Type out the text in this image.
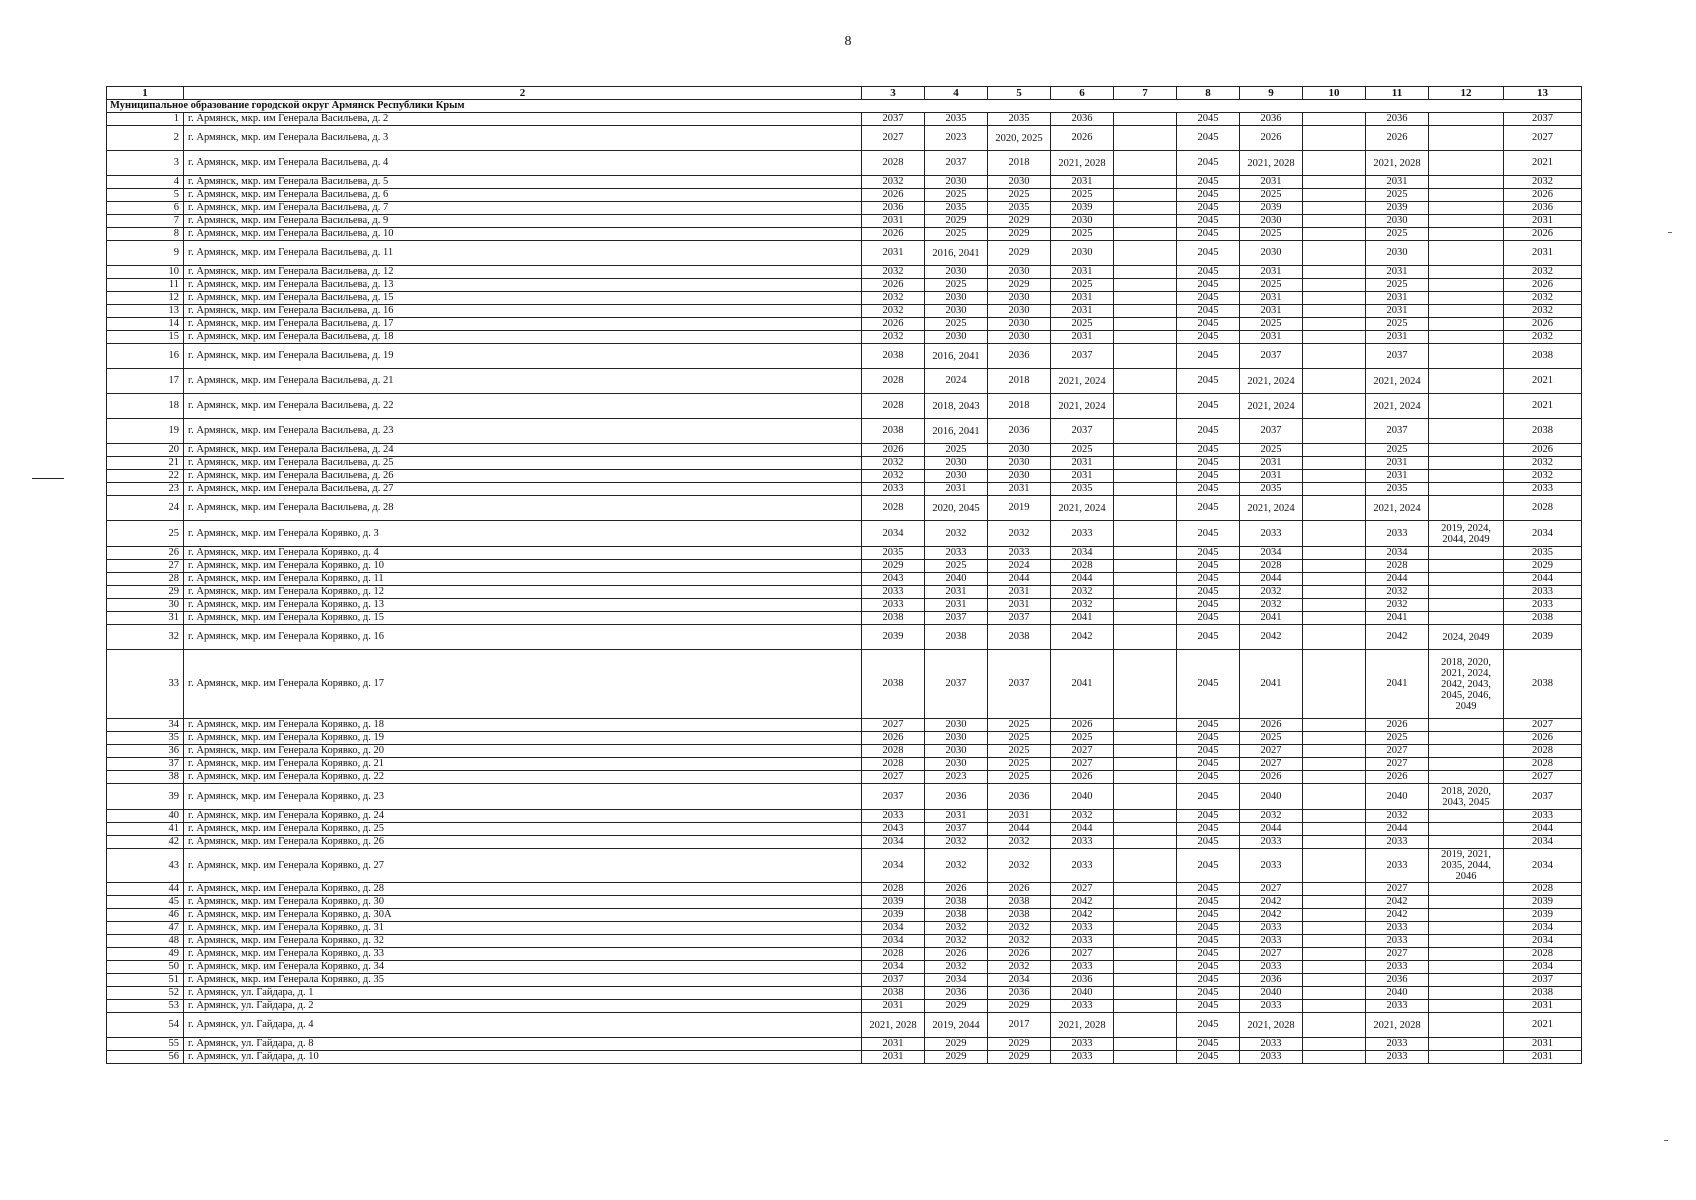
8
1	2	3	4	5	6	7	8	9	10	11	12	13
Муниципальное образование городской округ Армянск Республики Крым												
1	г. Армянск, мкр. им Генерала Васильева, д. 2	2037	2035	2035	2036		2045	2036		2036		2037
2	г. Армянск, мкр. им Генерала Васильева, д. 3	2027	2023	2020, 2025	2026		2045	2026		2026		2027
3	г. Армянск, мкр. им Генерала Васильева, д. 4	2028	2037	2018	2021, 2028		2045	2021, 2028		2021, 2028		2021
4	г. Армянск, мкр. им Генерала Васильева, д. 5	2032	2030	2030	2031		2045	2031		2031		2032
5	г. Армянск, мкр. им Генерала Васильева, д. 6	2026	2025	2025	2025		2045	2025		2025		2026
6	г. Армянск, мкр. им Генерала Васильева, д. 7	2036	2035	2035	2039		2045	2039		2039		2036
7	г. Армянск, мкр. им Генерала Васильева, д. 9	2031	2029	2029	2030		2045	2030		2030		2031
8	г. Армянск, мкр. им Генерала Васильева, д. 10	2026	2025	2029	2025		2045	2025		2025		2026
9	г. Армянск, мкр. им Генерала Васильева, д. 11	2031	2016, 2041	2029	2030		2045	2030		2030		2031
10	г. Армянск, мкр. им Генерала Васильева, д. 12	2032	2030	2030	2031		2045	2031		2031		2032
11	г. Армянск, мкр. им Генерала Васильева, д. 13	2026	2025	2029	2025		2045	2025		2025		2026
12	г. Армянск, мкр. им Генерала Васильева, д. 15	2032	2030	2030	2031		2045	2031		2031		2032
13	г. Армянск, мкр. им Генерала Васильева, д. 16	2032	2030	2030	2031		2045	2031		2031		2032
14	г. Армянск, мкр. им Генерала Васильева, д. 17	2026	2025	2030	2025		2045	2025		2025		2026
15	г. Армянск, мкр. им Генерала Васильева, д. 18	2032	2030	2030	2031		2045	2031		2031		2032
16	г. Армянск, мкр. им Генерала Васильева, д. 19	2038	2016, 2041	2036	2037		2045	2037		2037		2038
17	г. Армянск, мкр. им Генерала Васильева, д. 21	2028	2024	2018	2021, 2024		2045	2021, 2024		2021, 2024		2021
18	г. Армянск, мкр. им Генерала Васильева, д. 22	2028	2018, 2043	2018	2021, 2024		2045	2021, 2024		2021, 2024		2021
19	г. Армянск, мкр. им Генерала Васильева, д. 23	2038	2016, 2041	2036	2037		2045	2037		2037		2038
20	г. Армянск, мкр. им Генерала Васильева, д. 24	2026	2025	2030	2025		2045	2025		2025		2026
21	г. Армянск, мкр. им Генерала Васильева, д. 25	2032	2030	2030	2031		2045	2031		2031		2032
22	г. Армянск, мкр. им Генерала Васильева, д. 26	2032	2030	2030	2031		2045	2031		2031		2032
23	г. Армянск, мкр. им Генерала Васильева, д. 27	2033	2031	2031	2035		2045	2035		2035		2033
24	г. Армянск, мкр. им Генерала Васильева, д. 28	2028	2020, 2045	2019	2021, 2024		2045	2021, 2024		2021, 2024		2028
25	г. Армянск, мкр. им Генерала Корявко, д. 3	2034	2032	2032	2033		2045	2033		2033	2019, 2024, 2044, 2049	2034
26	г. Армянск, мкр. им Генерала Корявко, д. 4	2035	2033	2033	2034		2045	2034		2034		2035
27	г. Армянск, мкр. им Генерала Корявко, д. 10	2029	2025	2024	2028		2045	2028		2028		2029
28	г. Армянск, мкр. им Генерала Корявко, д. 11	2043	2040	2044	2044		2045	2044		2044		2044
29	г. Армянск, мкр. им Генерала Корявко, д. 12	2033	2031	2031	2032		2045	2032		2032		2033
30	г. Армянск, мкр. им Генерала Корявко, д. 13	2033	2031	2031	2032		2045	2032		2032		2033
31	г. Армянск, мкр. им Генерала Корявко, д. 15	2038	2037	2037	2041		2045	2041		2041		2038
32	г. Армянск, мкр. им Генерала Корявко, д. 16	2039	2038	2038	2042		2045	2042		2042	2024, 2049	2039
33	г. Армянск, мкр. им Генерала Корявко, д. 17	2038	2037	2037	2041		2045	2041		2041	2018, 2020, 2021, 2024, 2042, 2043, 2045, 2046, 2049	2038
34	г. Армянск, мкр. им Генерала Корявко, д. 18	2027	2030	2025	2026		2045	2026		2026		2027
35	г. Армянск, мкр. им Генерала Корявко, д. 19	2026	2030	2025	2025		2045	2025		2025		2026
36	г. Армянск, мкр. им Генерала Корявко, д. 20	2028	2030	2025	2027		2045	2027		2027		2028
37	г. Армянск, мкр. им Генерала Корявко, д. 21	2028	2030	2025	2027		2045	2027		2027		2028
38	г. Армянск, мкр. им Генерала Корявко, д. 22	2027	2023	2025	2026		2045	2026		2026		2027
39	г. Армянск, мкр. им Генерала Корявко, д. 23	2037	2036	2036	2040		2045	2040		2040	2018, 2020, 2043, 2045	2037
40	г. Армянск, мкр. им Генерала Корявко, д. 24	2033	2031	2031	2032		2045	2032		2032		2033
41	г. Армянск, мкр. им Генерала Корявко, д. 25	2043	2037	2044	2044		2045	2044		2044		2044
42	г. Армянск, мкр. им Генерала Корявко, д. 26	2034	2032	2032	2033		2045	2033		2033		2034
43	г. Армянск, мкр. им Генерала Корявко, д. 27	2034	2032	2032	2033		2045	2033		2033	2019, 2021, 2035, 2044, 2046	2034
44	г. Армянск, мкр. им Генерала Корявко, д. 28	2028	2026	2026	2027		2045	2027		2027		2028
45	г. Армянск, мкр. им Генерала Корявко, д. 30	2039	2038	2038	2042		2045	2042		2042		2039
46	г. Армянск, мкр. им Генерала Корявко, д. 30А	2039	2038	2038	2042		2045	2042		2042		2039
47	г. Армянск, мкр. им Генерала Корявко, д. 31	2034	2032	2032	2033		2045	2033		2033		2034
48	г. Армянск, мкр. им Генерала Корявко, д. 32	2034	2032	2032	2033		2045	2033		2033		2034
49	г. Армянск, мкр. им Генерала Корявко, д. 33	2028	2026	2026	2027		2045	2027		2027		2028
50	г. Армянск, мкр. им Генерала Корявко, д. 34	2034	2032	2032	2033		2045	2033		2033		2034
51	г. Армянск, мкр. им Генерала Корявко, д. 35	2037	2034	2034	2036		2045	2036		2036		2037
52	г. Армянск, ул. Гайдара, д. 1	2038	2036	2036	2040		2045	2040		2040		2038
53	г. Армянск, ул. Гайдара, д. 2	2031	2029	2029	2033		2045	2033		2033		2031
54	г. Армянск, ул. Гайдара, д. 4	2021, 2028	2019, 2044	2017	2021, 2028		2045	2021, 2028		2021, 2028		2021
55	г. Армянск, ул. Гайдара, д. 8	2031	2029	2029	2033		2045	2033		2033		2031
56	г. Армянск, ул. Гайдара, д. 10	2031	2029	2029	2033		2045	2033		2033		2031
